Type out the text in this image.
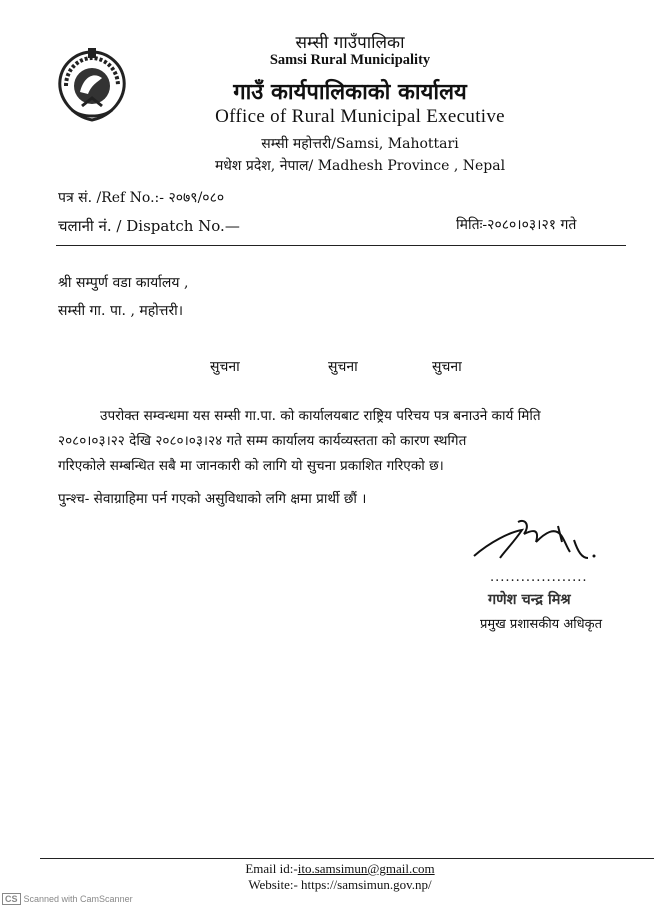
सम्सी गाउँपालिका
Samsi Rural Municipality
गाउँ कार्यपालिकाको कार्यालय
Office of Rural Municipal Executive
सम्सी महोत्तरी/Samsi, Mahottari
मधेश प्रदेश, नेपाल/ Madhesh Province , Nepal
पत्र सं. /Ref No.:- २०७९/०८०
चलानी नं. / Dispatch No.—	मितिः-२०८०।०३।२१ गते
श्री सम्पुर्ण वडा कार्यालय ,
सम्सी गा. पा. , महोत्तरी।
सुचना	सुचना	सुचना
उपरोक्त सम्वन्धमा यस सम्सी गा.पा. को कार्यालयबाट राष्ट्रिय परिचय पत्र बनाउने कार्य मिति
२०८०।०३।२२ देखि २०८०।०३।२४ गते सम्म कार्यालय कार्यव्यस्तता को कारण स्थगित
गरिएकोले सम्बन्धित सबै मा जानकारी को लागि यो सुचना प्रकाशित गरिएको छ।
पुन्श्च- सेवाग्राहिमा पर्न गएको असुविधाको लगि क्षमा प्रार्थी छौं ।
...................
गणेश चन्द्र मिश्र
प्रमुख प्रशासकीय अधिकृत
Email id:-ito.samsimun@gmail.com
Website:- https://samsimun.gov.np/
CS Scanned with CamScanner
